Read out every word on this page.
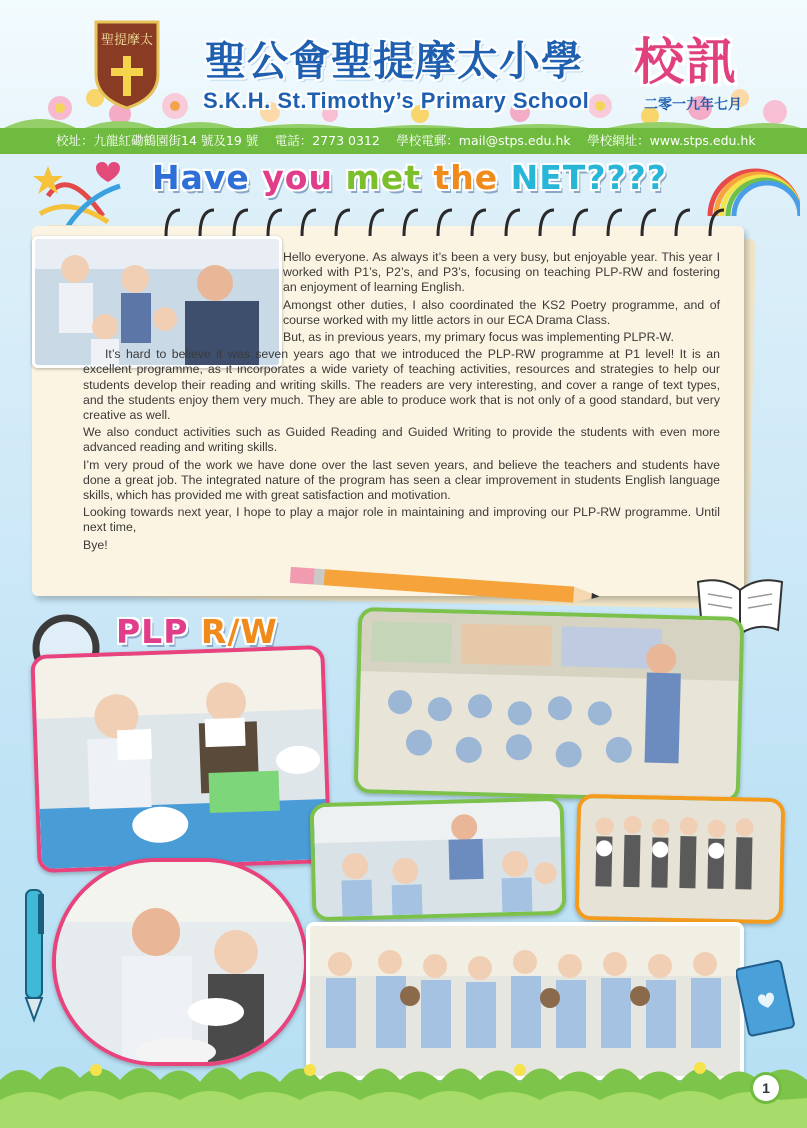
聖提摩太 聖公會聖提摩太小學
S.K.H. St.Timothy’s Primary School
校訊
二零一九年七月
校址：九龍紅磡鶴園街14 號及19 號 　電話：2773 0312 　學校電郵：mail@stps.edu.hk 　學校網址：www.stps.edu.hk
Have you met the NET????

Hello everyone. As always it’s been a very busy, but enjoyable year. This year I worked with P1’s, P2’s, and P3’s, focusing on teaching PLP-RW and fostering an enjoyment of learning English.

Amongst other duties, I also coordinated the KS2 Poetry programme, and of course worked with my little actors in our ECA Drama Class.

But, as in previous years, my primary focus was implementing PLPR-W.

It’s hard to believe it was seven years ago that we introduced the PLP-RW programme at P1 level! It is an excellent programme, as it incorporates a wide variety of teaching activities, resources and strategies to help our students develop their reading and writing skills. The readers are very interesting, and cover a range of text types, and the students enjoy them very much. They are able to produce work that is not only of a good standard, but very creative as well.

We also conduct activities such as Guided Reading and Guided Writing to provide the students with even more advanced reading and writing skills.

I’m very proud of the work we have done over the last seven years, and believe the teachers and students have done a great job. The integrated nature of the program has seen a clear improvement in students English language skills, which has provided me with great satisfaction and motivation.

Looking towards next year, I hope to play a major role in maintaining and improving our PLP-RW programme. Until next time,

Bye!

PLP R/W
1
